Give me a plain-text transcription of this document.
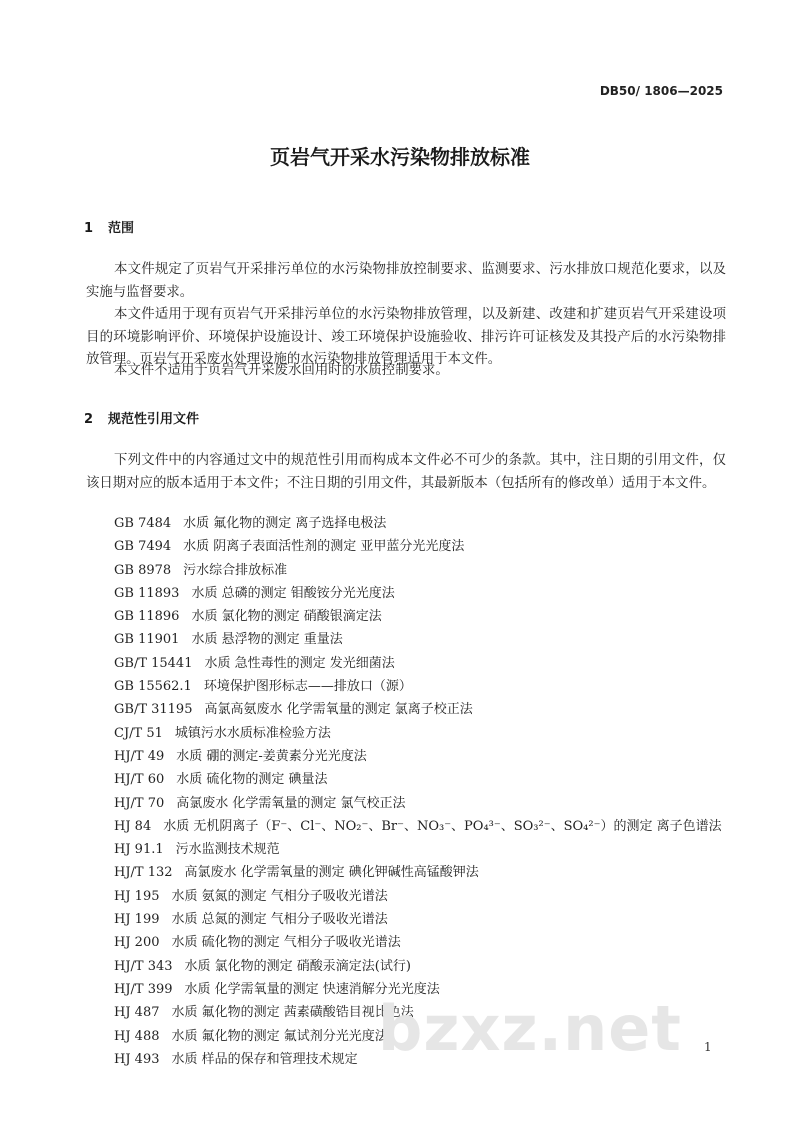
DB50/ 1806—2025
页岩气开采水污染物排放标准
1 范围

本文件规定了页岩气开采排污单位的水污染物排放控制要求、监测要求、污水排放口规范化要求，以及实施与监督要求。

本文件适用于现有页岩气开采排污单位的水污染物排放管理，以及新建、改建和扩建页岩气开采建设项目的环境影响评价、环境保护设施设计、竣工环境保护设施验收、排污许可证核发及其投产后的水污染物排放管理。页岩气开采废水处理设施的水污染物排放管理适用于本文件。

本文件不适用于页岩气开采废水回用时的水质控制要求。

2 规范性引用文件

下列文件中的内容通过文中的规范性引用而构成本文件必不可少的条款。其中，注日期的引用文件，仅该日期对应的版本适用于本文件；不注日期的引用文件，其最新版本（包括所有的修改单）适用于本文件。

GB 7484 水质 氟化物的测定 离子选择电极法
GB 7494 水质 阴离子表面活性剂的测定 亚甲蓝分光光度法
GB 8978 污水综合排放标准
GB 11893 水质 总磷的测定 钼酸铵分光光度法
GB 11896 水质 氯化物的测定 硝酸银滴定法
GB 11901 水质 悬浮物的测定 重量法
GB/T 15441 水质 急性毒性的测定 发光细菌法
GB 15562.1 环境保护图形标志——排放口（源）
GB/T 31195 高氯高氨废水 化学需氧量的测定 氯离子校正法
CJ/T 51 城镇污水水质标准检验方法
HJ/T 49 水质 硼的测定-姜黄素分光光度法
HJ/T 60 水质 硫化物的测定 碘量法
HJ/T 70 高氯废水 化学需氧量的测定 氯气校正法
HJ 84 水质 无机阴离子（F⁻、Cl⁻、NO₂⁻、Br⁻、NO₃⁻、PO₄³⁻、SO₃²⁻、SO₄²⁻）的测定 离子色谱法
HJ 91.1 污水监测技术规范
HJ/T 132 高氯废水 化学需氧量的测定 碘化钾碱性高锰酸钾法
HJ 195 水质 氨氮的测定 气相分子吸收光谱法
HJ 199 水质 总氮的测定 气相分子吸收光谱法
HJ 200 水质 硫化物的测定 气相分子吸收光谱法
HJ/T 343 水质 氯化物的测定 硝酸汞滴定法(试行)
HJ/T 399 水质 化学需氧量的测定 快速消解分光光度法
HJ 487 水质 氟化物的测定 茜素磺酸锆目视比色法
HJ 488 水质 氟化物的测定 氟试剂分光光度法
HJ 493 水质 样品的保存和管理技术规定 bzxz.net 1
